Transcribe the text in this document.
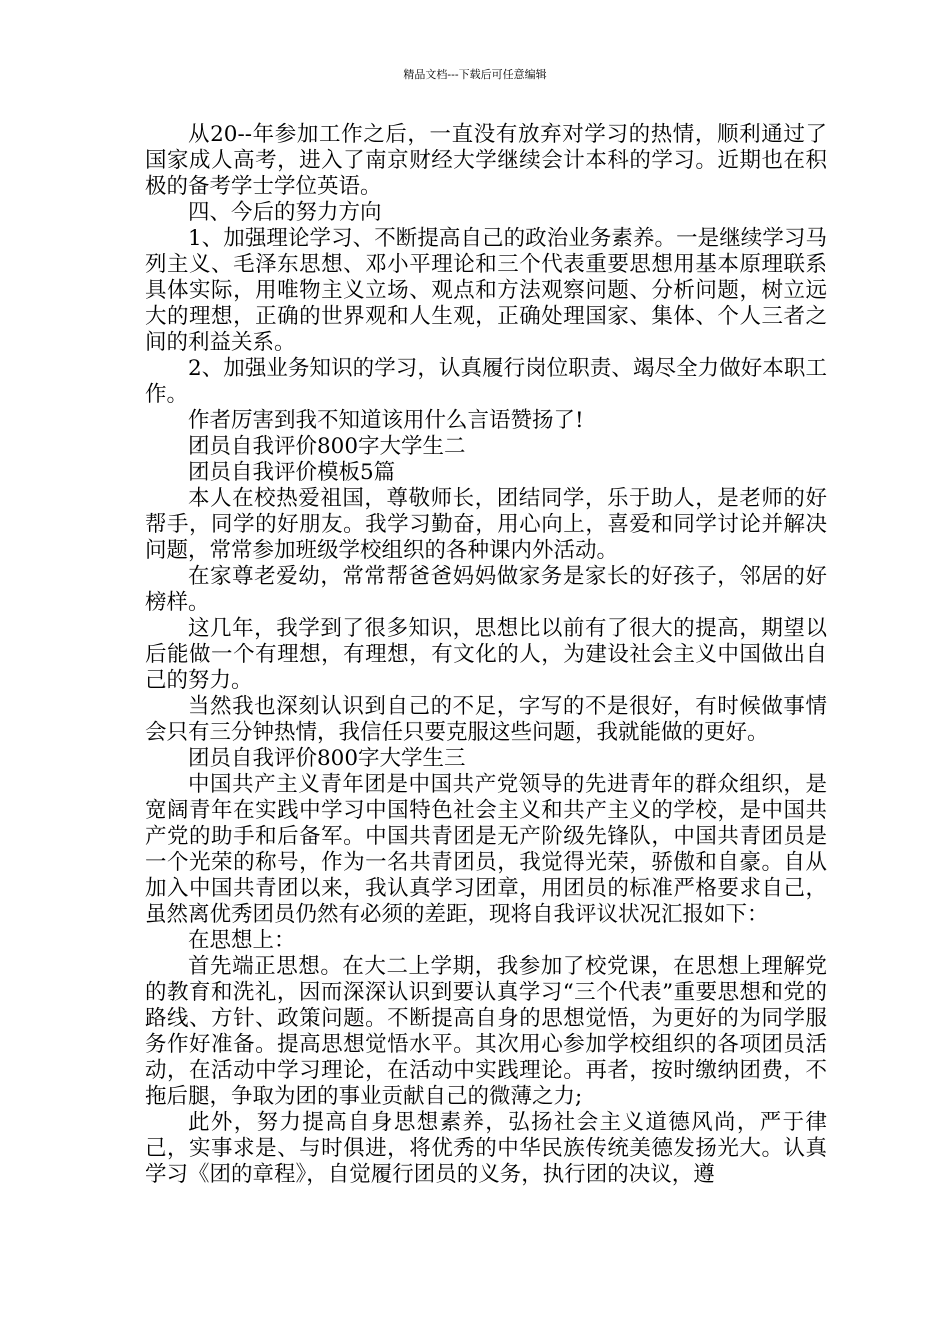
精品文档---下载后可任意编辑

从20--年参加工作之后，一直没有放弃对学习的热情，顺利通过了国家成人高考，进入了南京财经大学继续会计本科的学习。近期也在积极的备考学士学位英语。

四、今后的努力方向

1、加强理论学习、不断提高自己的政治业务素养。一是继续学习马列主义、毛泽东思想、邓小平理论和三个代表重要思想用基本原理联系具体实际，用唯物主义立场、观点和方法观察问题、分析问题，树立远大的理想，正确的世界观和人生观，正确处理国家、集体、个人三者之间的利益关系。

2、加强业务知识的学习，认真履行岗位职责、竭尽全力做好本职工作。

作者厉害到我不知道该用什么言语赞扬了!

团员自我评价800字大学生二

团员自我评价模板5篇

本人在校热爱祖国，尊敬师长，团结同学，乐于助人，是老师的好帮手，同学的好朋友。我学习勤奋，用心向上，喜爱和同学讨论并解决问题，常常参加班级学校组织的各种课内外活动。

在家尊老爱幼，常常帮爸爸妈妈做家务是家长的好孩子，邻居的好榜样。

这几年，我学到了很多知识，思想比以前有了很大的提高，期望以后能做一个有理想，有理想，有文化的人，为建设社会主义中国做出自己的努力。

当然我也深刻认识到自己的不足，字写的不是很好，有时候做事情会只有三分钟热情，我信任只要克服这些问题，我就能做的更好。

团员自我评价800字大学生三

中国共产主义青年团是中国共产党领导的先进青年的群众组织，是宽阔青年在实践中学习中国特色社会主义和共产主义的学校，是中国共产党的助手和后备军。中国共青团是无产阶级先锋队，中国共青团员是一个光荣的称号，作为一名共青团员，我觉得光荣，骄傲和自豪。自从加入中国共青团以来，我认真学习团章，用团员的标准严格要求自己，虽然离优秀团员仍然有必须的差距，现将自我评议状况汇报如下：

在思想上：

首先端正思想。在大二上学期，我参加了校党课，在思想上理解党的教育和洗礼，因而深深认识到要认真学习“三个代表”重要思想和党的路线、方针、政策问题。不断提高自身的思想觉悟，为更好的为同学服务作好准备。提高思想觉悟水平。其次用心参加学校组织的各项团员活动，在活动中学习理论，在活动中实践理论。再者，按时缴纳团费，不拖后腿，争取为团的事业贡献自己的微薄之力;

此外，努力提高自身思想素养，弘扬社会主义道德风尚，严于律己，实事求是、与时俱进，将优秀的中华民族传统美德发扬光大。认真学习《团的章程》，自觉履行团员的义务，执行团的决议，遵
